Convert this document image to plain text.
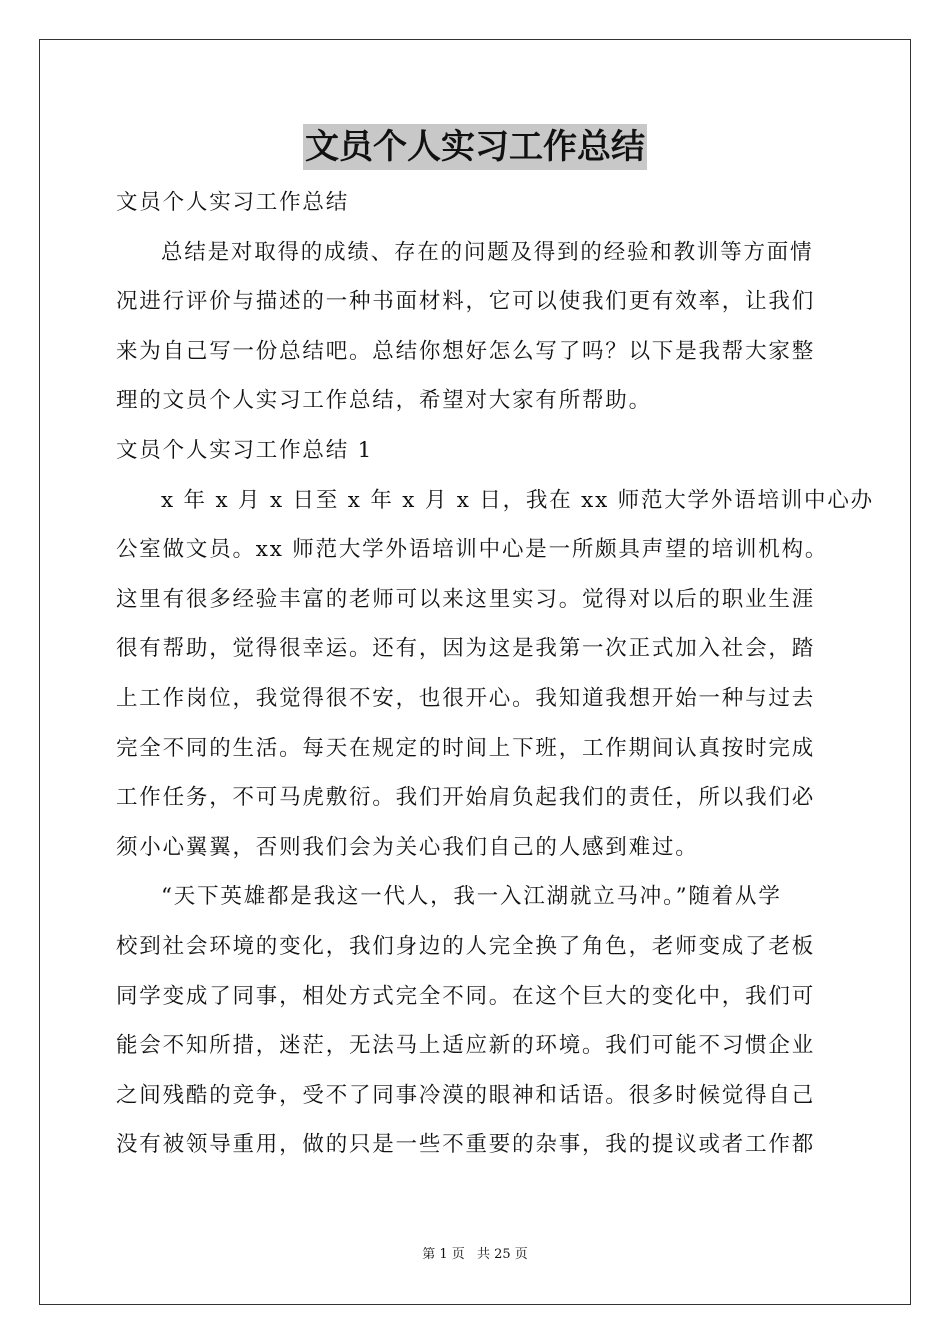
文员个人实习工作总结
文员个人实习工作总结
总结是对取得的成绩、存在的问题及得到的经验和教训等方面情
况进行评价与描述的一种书面材料，它可以使我们更有效率，让我们
来为自己写一份总结吧。总结你想好怎么写了吗？以下是我帮大家整
理的文员个人实习工作总结，希望对大家有所帮助。
文员个人实习工作总结 1
x 年 x 月 x 日至 x 年 x 月 x 日，我在 xx 师范大学外语培训中心办
公室做文员。xx 师范大学外语培训中心是一所颇具声望的培训机构。
这里有很多经验丰富的老师可以来这里实习。觉得对以后的职业生涯
很有帮助，觉得很幸运。还有，因为这是我第一次正式加入社会，踏
上工作岗位，我觉得很不安，也很开心。我知道我想开始一种与过去
完全不同的生活。每天在规定的时间上下班，工作期间认真按时完成
工作任务，不可马虎敷衍。我们开始肩负起我们的责任，所以我们必
须小心翼翼，否则我们会为关心我们自己的人感到难过。
“天下英雄都是我这一代人，我一入江湖就立马冲。”随着从学
校到社会环境的变化，我们身边的人完全换了角色，老师变成了老板
同学变成了同事，相处方式完全不同。在这个巨大的变化中，我们可
能会不知所措，迷茫，无法马上适应新的环境。我们可能不习惯企业
之间残酷的竞争，受不了同事冷漠的眼神和话语。很多时候觉得自己
没有被领导重用，做的只是一些不重要的杂事，我的提议或者工作都
第 1 页 共 25 页
